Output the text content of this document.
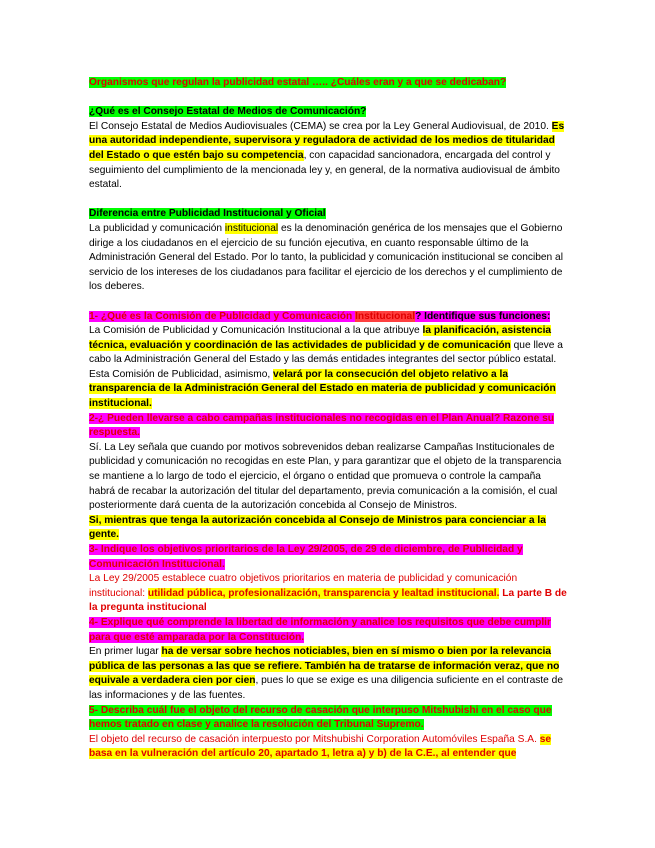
Organismos que regulan la publicidad estatal ….. ¿Cuáles eran y a que se dedicaban?

¿Qué es el Consejo Estatal de Medios de Comunicación?

El Consejo Estatal de Medios Audiovisuales (CEMA) se crea por la Ley General Audiovisual, de 2010. Es una autoridad independiente, supervisora y reguladora de actividad de los medios de titularidad del Estado o que estén bajo su competencia, con capacidad sancionadora, encargada del control y seguimiento del cumplimiento de la mencionada ley y, en general, de la normativa audiovisual de ámbito estatal.

Diferencia entre Publicidad Institucional y Oficial

La publicidad y comunicación institucional es la denominación genérica de los mensajes que el Gobierno dirige a los ciudadanos en el ejercicio de su función ejecutiva, en cuanto responsable último de la Administración General del Estado. Por lo tanto, la publicidad y comunicación institucional se conciben al servicio de los intereses de los ciudadanos para facilitar el ejercicio de los derechos y el cumplimiento de los deberes.

1- ¿Qué es la Comisión de Publicidad y Comunicación Institucional? Identifique sus funciones:

La Comisión de Publicidad y Comunicación Institucional a la que atribuye la planificación, asistencia técnica, evaluación y coordinación de las actividades de publicidad y de comunicación que lleve a cabo la Administración General del Estado y las demás entidades integrantes del sector público estatal. Esta Comisión de Publicidad, asimismo, velará por la consecución del objeto relativo a la transparencia de la Administración General del Estado en materia de publicidad y comunicación institucional.

2-¿ Pueden llevarse a cabo campañas institucionales no recogidas en el Plan Anual? Razone su respuesta.

Sí. La Ley señala que cuando por motivos sobrevenidos deban realizarse Campañas Institucionales de publicidad y comunicación no recogidas en este Plan, y para garantizar que el objeto de la transparencia se mantiene a lo largo de todo el ejercicio, el órgano o entidad que promueva o controle la campaña habrá de recabar la autorización del titular del departamento, previa comunicación a la comisión, el cual posteriormente dará cuenta de la autorización concebida al Consejo de Ministros.

Si, mientras que tenga la autorización concebida al Consejo de Ministros para concienciar a la gente.

3- Indique los objetivos prioritarios de la Ley 29/2005, de 29 de diciembre, de Publicidad y Comunicación Institucional.

La Ley 29/2005 establece cuatro objetivos prioritarios en materia de publicidad y comunicación institucional: utilidad pública, profesionalización, transparencia y lealtad institucional. La parte B de la pregunta institucional

4- Explique qué comprende la libertad de información y analice los requisitos que debe cumplir para que esté amparada por la Constitución.

En primer lugar ha de versar sobre hechos noticiables, bien en sí mismo o bien por la relevancia pública de las personas a las que se refiere. También ha de tratarse de información veraz, que no equivale a verdadera cien por cien, pues lo que se exige es una diligencia suficiente en el contraste de las informaciones y de las fuentes.

5- Describa cuál fue el objeto del recurso de casación que interpuso Mitshubishi en el caso que hemos tratado en clase y analice la resolución del Tribunal Supremo.

El objeto del recurso de casación interpuesto por Mitshubishi Corporation Automóviles España S.A. se basa en la vulneración del artículo 20, apartado 1, letra a) y b) de la C.E., al entender que
